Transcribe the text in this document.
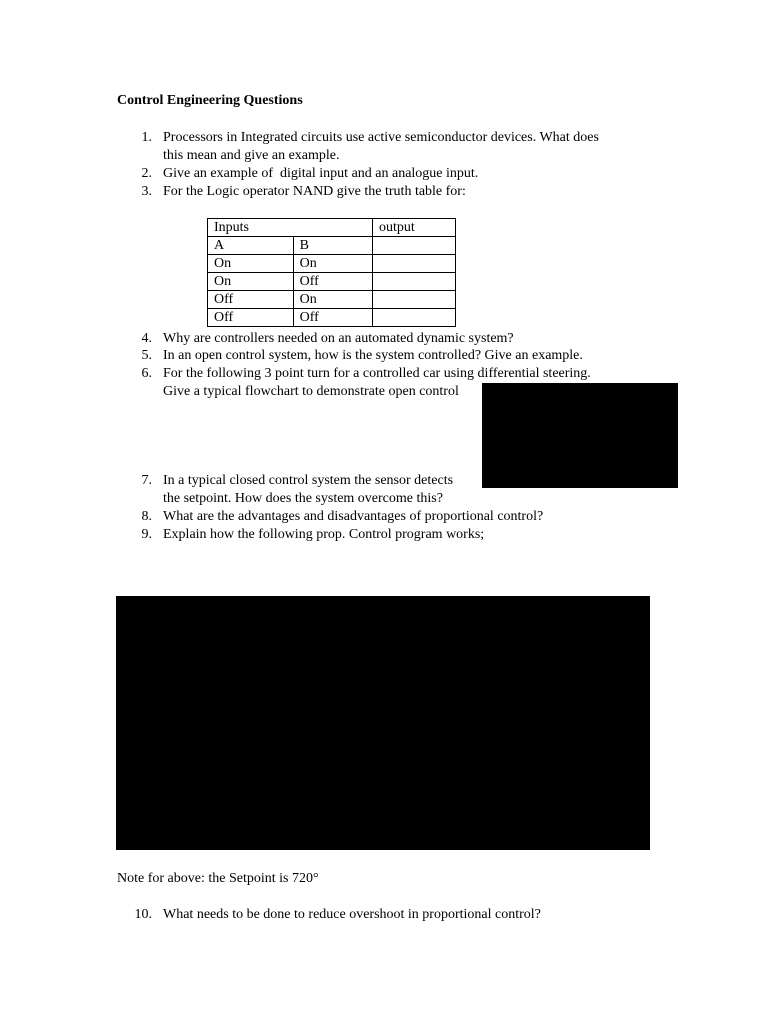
Control Engineering Questions
1. Processors in Integrated circuits use active semiconductor devices. What does
this mean and give an example.
2. Give an example of  digital input and an analogue input.
3. For the Logic operator NAND give the truth table for:
Inputs		output
A	B	
On	On	
On	Off	
Off	On	
Off	Off	
4. Why are controllers needed on an automated dynamic system?
5. In an open control system, how is the system controlled? Give an example.
6. For the following 3 point turn for a controlled car using differential steering.
Give a typical flowchart to demonstrate open control
7. In a typical closed control system the sensor detects
the setpoint. How does the system overcome this?
8. What are the advantages and disadvantages of proportional control?
9. Explain how the following prop. Control program works;
Note for above: the Setpoint is 720°
10. What needs to be done to reduce overshoot in proportional control?
